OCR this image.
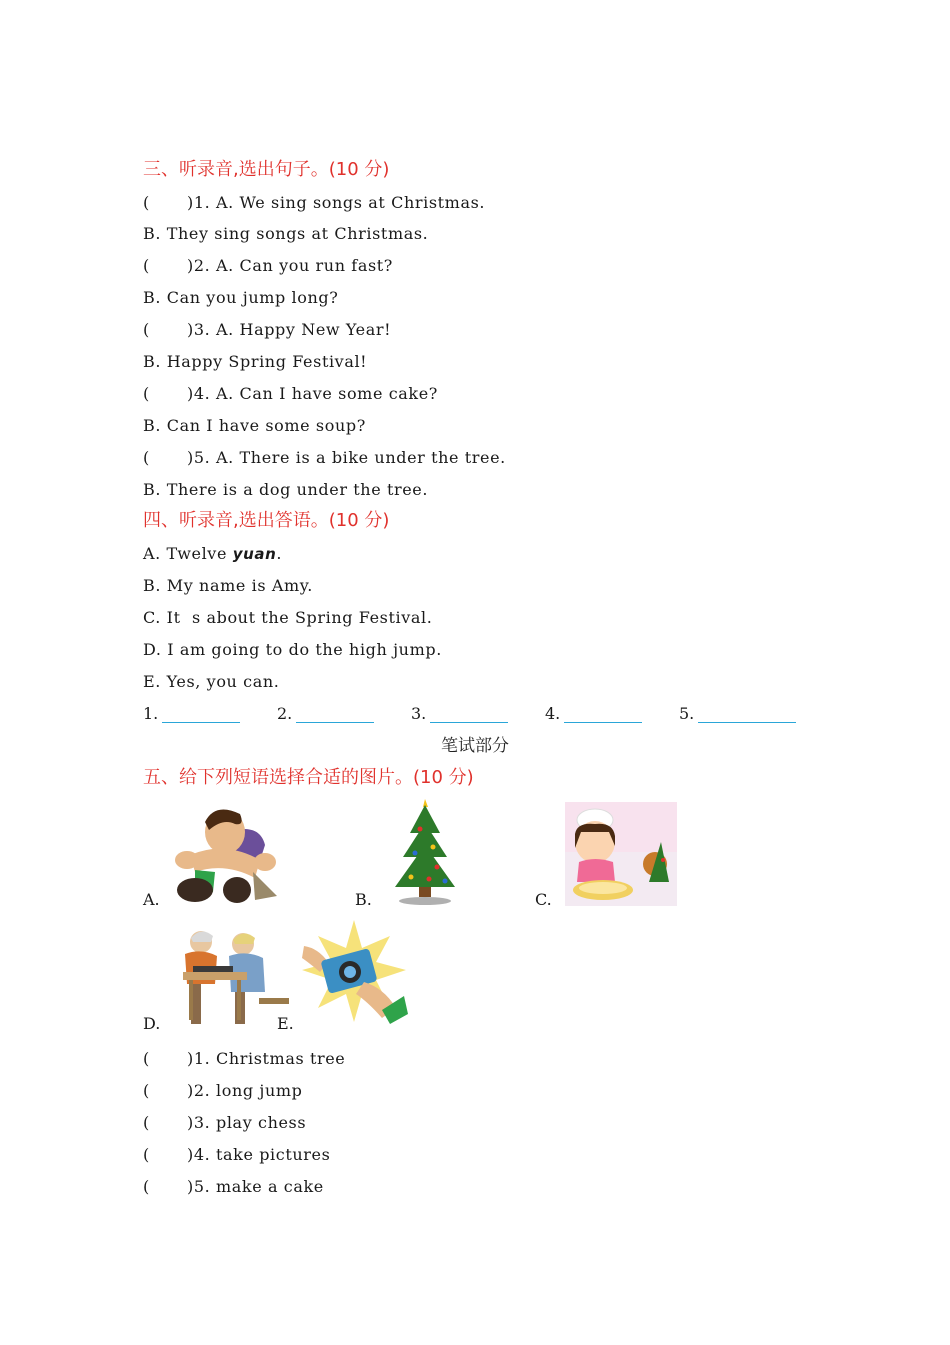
三、听录音,选出句子。(10 分)
( )1. A. We sing songs at Christmas.
B. They sing songs at Christmas.
( )2. A. Can you run fast?
B. Can you jump long?
( )3. A. Happy New Year!
B. Happy Spring Festival!
( )4. A. Can I have some cake?
B. Can I have some soup?
( )5. A. There is a bike under the tree.
B. There is a dog under the tree.
四、听录音,选出答语。(10 分)
A. Twelve yuan.
B. My name is Amy.
C. It  s about the Spring Festival.
D. I am going to do the high jump.
E. Yes, you can.
1.	2.	3.	4.	5.
笔试部分
五、给下列短语选择合适的图片。(10 分)
A.	B.	C.
D.	E.
( )1. Christmas tree
( )2. long jump
( )3. play chess
( )4. take pictures
( )5. make a cake
